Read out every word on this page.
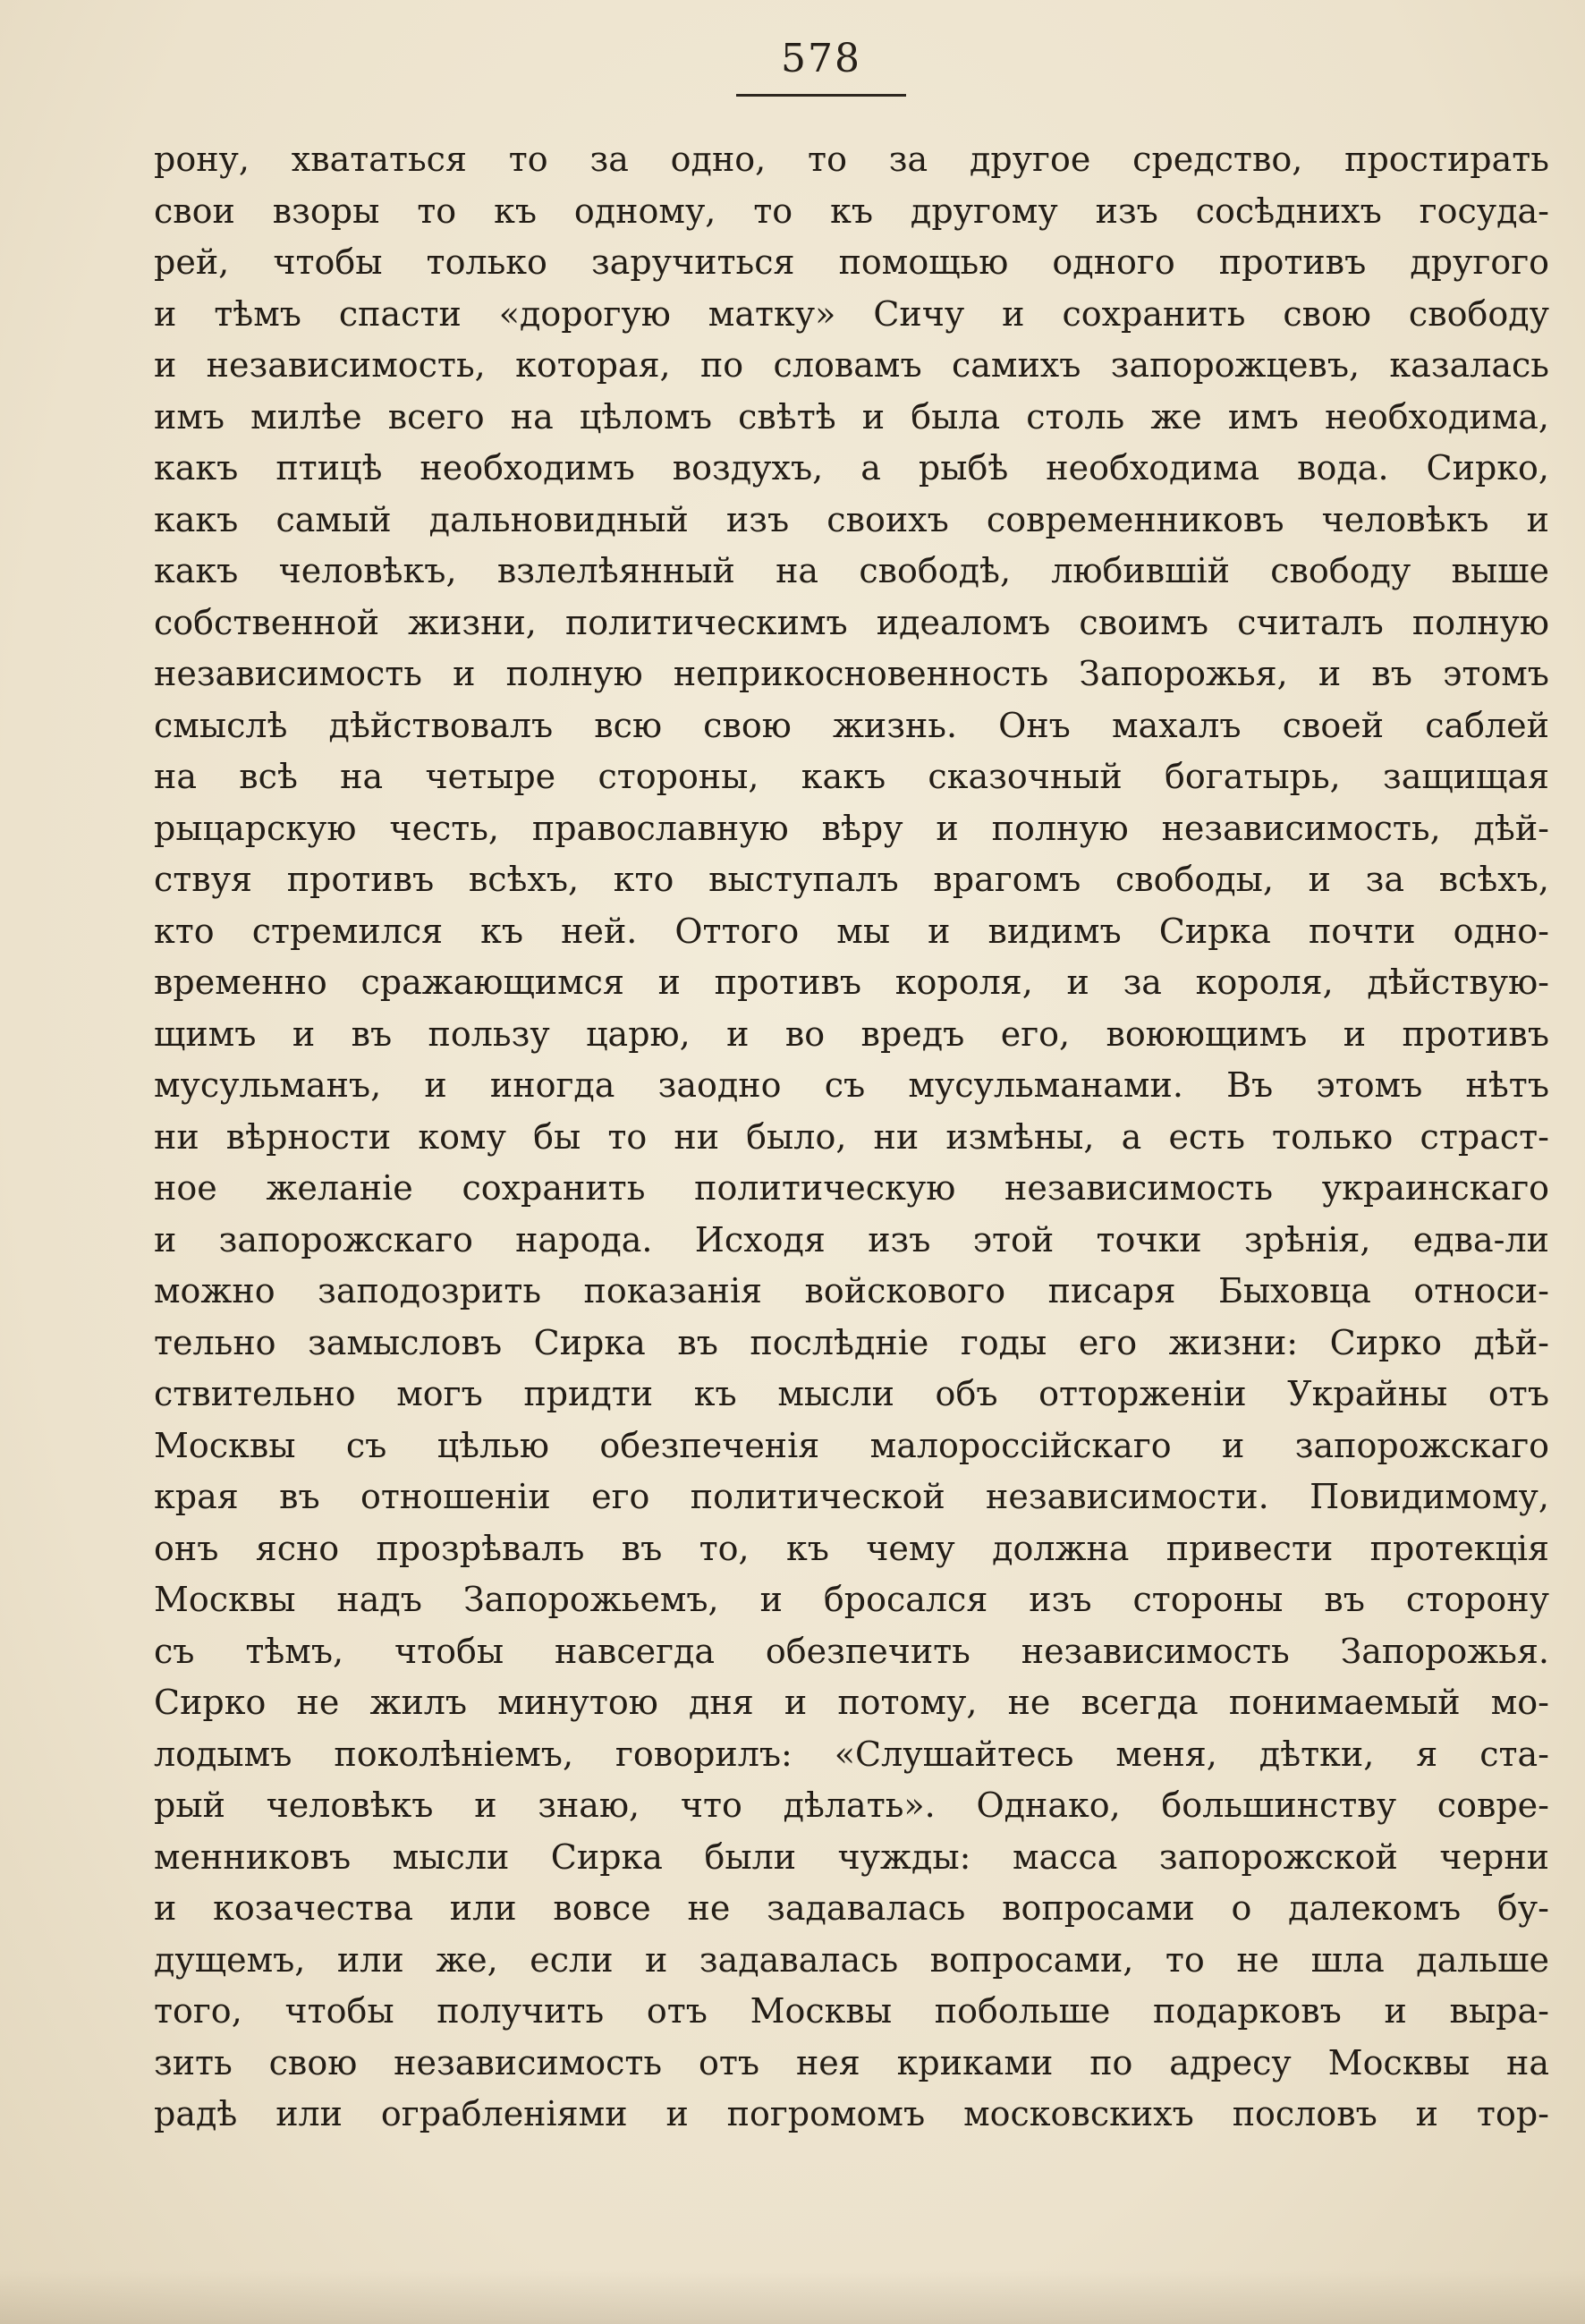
578
рону, хвататься то за одно, то за другое средство, простирать
свои взоры то къ одному, то къ другому изъ сосѣднихъ госуда-
рей, чтобы только заручиться помощью одного противъ другого
и тѣмъ спасти «дорогую матку» Сичу и сохранить свою свободу
и независимость, которая, по словамъ самихъ запорожцевъ, казалась
имъ милѣе всего на цѣломъ свѣтѣ и была столь же имъ необходима,
какъ птицѣ необходимъ воздухъ, а рыбѣ необходима вода. Сирко,
какъ самый дальновидный изъ своихъ современниковъ человѣкъ и
какъ человѣкъ, взлелѣянный на свободѣ, любившій свободу выше
собственной жизни, политическимъ идеаломъ своимъ считалъ полную
независимость и полную неприкосновенность Запорожья, и въ этомъ
смыслѣ дѣйствовалъ всю свою жизнь. Онъ махалъ своей саблей
на всѣ на четыре стороны, какъ сказочный богатырь, защищая
рыцарскую честь, православную вѣру и полную независимость, дѣй-
ствуя противъ всѣхъ, кто выступалъ врагомъ свободы, и за всѣхъ,
кто стремился къ ней. Оттого мы и видимъ Сирка почти одно-
временно сражающимся и противъ короля, и за короля, дѣйствую-
щимъ и въ пользу царю, и во вредъ его, воюющимъ и противъ
мусульманъ, и иногда заодно съ мусульманами. Въ этомъ нѣтъ
ни вѣрности кому бы то ни было, ни измѣны, а есть только страст-
ное желаніе сохранить политическую независимость украинскаго
и запорожскаго народа. Исходя изъ этой точки зрѣнія, едва-ли
можно заподозрить показанія войскового писаря Быховца относи-
тельно замысловъ Сирка въ послѣдніе годы его жизни: Сирко дѣй-
ствительно могъ придти къ мысли объ отторженіи Украйны отъ
Москвы съ цѣлью обезпеченія малороссійскаго и запорожскаго
края въ отношеніи его политической независимости. Повидимому,
онъ ясно прозрѣвалъ въ то, къ чему должна привести протекція
Москвы надъ Запорожьемъ, и бросался изъ стороны въ сторону
съ тѣмъ, чтобы навсегда обезпечить независимость Запорожья.
Сирко не жилъ минутою дня и потому, не всегда понимаемый мо-
лодымъ поколѣніемъ, говорилъ: «Слушайтесь меня, дѣтки, я ста-
рый человѣкъ и знаю, что дѣлать». Однако, большинству совре-
менниковъ мысли Сирка были чужды: масса запорожской черни
и козачества или вовсе не задавалась вопросами о далекомъ бу-
дущемъ, или же, если и задавалась вопросами, то не шла дальше
того, чтобы получить отъ Москвы побольше подарковъ и выра-
зить свою независимость отъ нея криками по адресу Москвы на
радѣ или ограбленіями и погромомъ московскихъ пословъ и тор-
